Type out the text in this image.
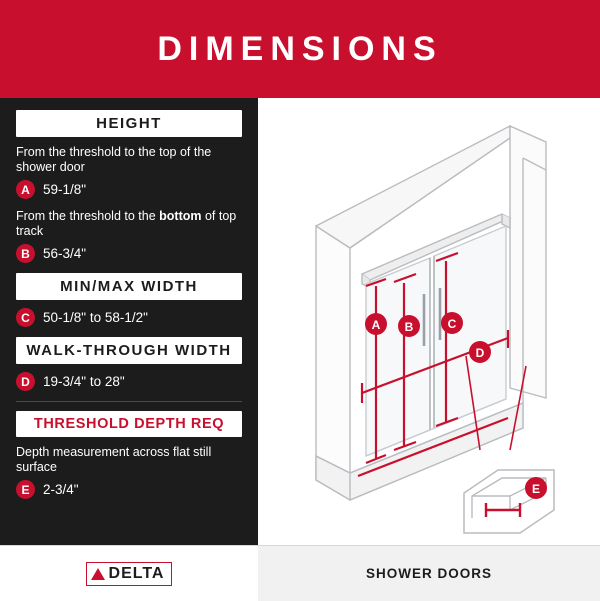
DIMENSIONS
HEIGHT

From the threshold to the top of the shower door

A 59-1/8"

From the threshold to the bottom of top track

B 56-3/4"
MIN/MAX WIDTH
C 50-1/8" to 58-1/2"
WALK-THROUGH WIDTH
D 19-3/4" to 28"
THRESHOLD DEPTH REQ

Depth measurement across flat still surface

E	2-3/4"
A B	C
D
E
DELTA	SHOWER DOORS
